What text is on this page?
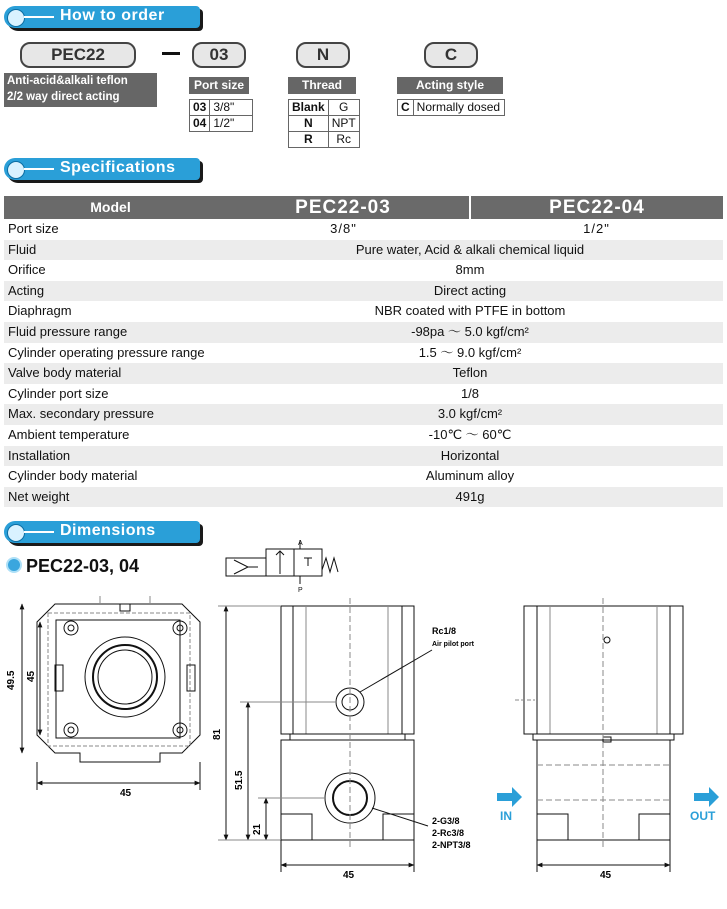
How to order
PEC22
Anti-acid&alkali teflon
2/2 way direct acting
03
Port size
03	3/8"
04	1/2"
N
Thread
Blank	G
N	NPT
R	Rc
C
Acting style
C	Normally dosed
Specifications
Model	PEC22-03	PEC22-04
Port size	3/8"	1/2"
Fluid	Pure water, Acid & alkali chemical liquid
Orifice	8mm
Acting	Direct acting
Diaphragm	NBR coated with PTFE in bottom
Fluid pressure range	-98pa ～ 5.0 kgf/cm²
Cylinder operating pressure range	1.5 ～ 9.0 kgf/cm²
Valve body material	Teflon
Cylinder port size	1/8
Max. secondary pressure	3.0 kgf/cm²
Ambient temperature	-10℃ ～ 60℃
Installation	Horizontal
Cylinder body material	Aluminum alloy
Net weight	491g
Dimensions
PEC22-03, 04
A
P
49.5 45
45
81
51.5
21
45
Rc1/8
Air pilot port
2-G3/8
2-Rc3/8
2-NPT3/8
45
IN	OUT
